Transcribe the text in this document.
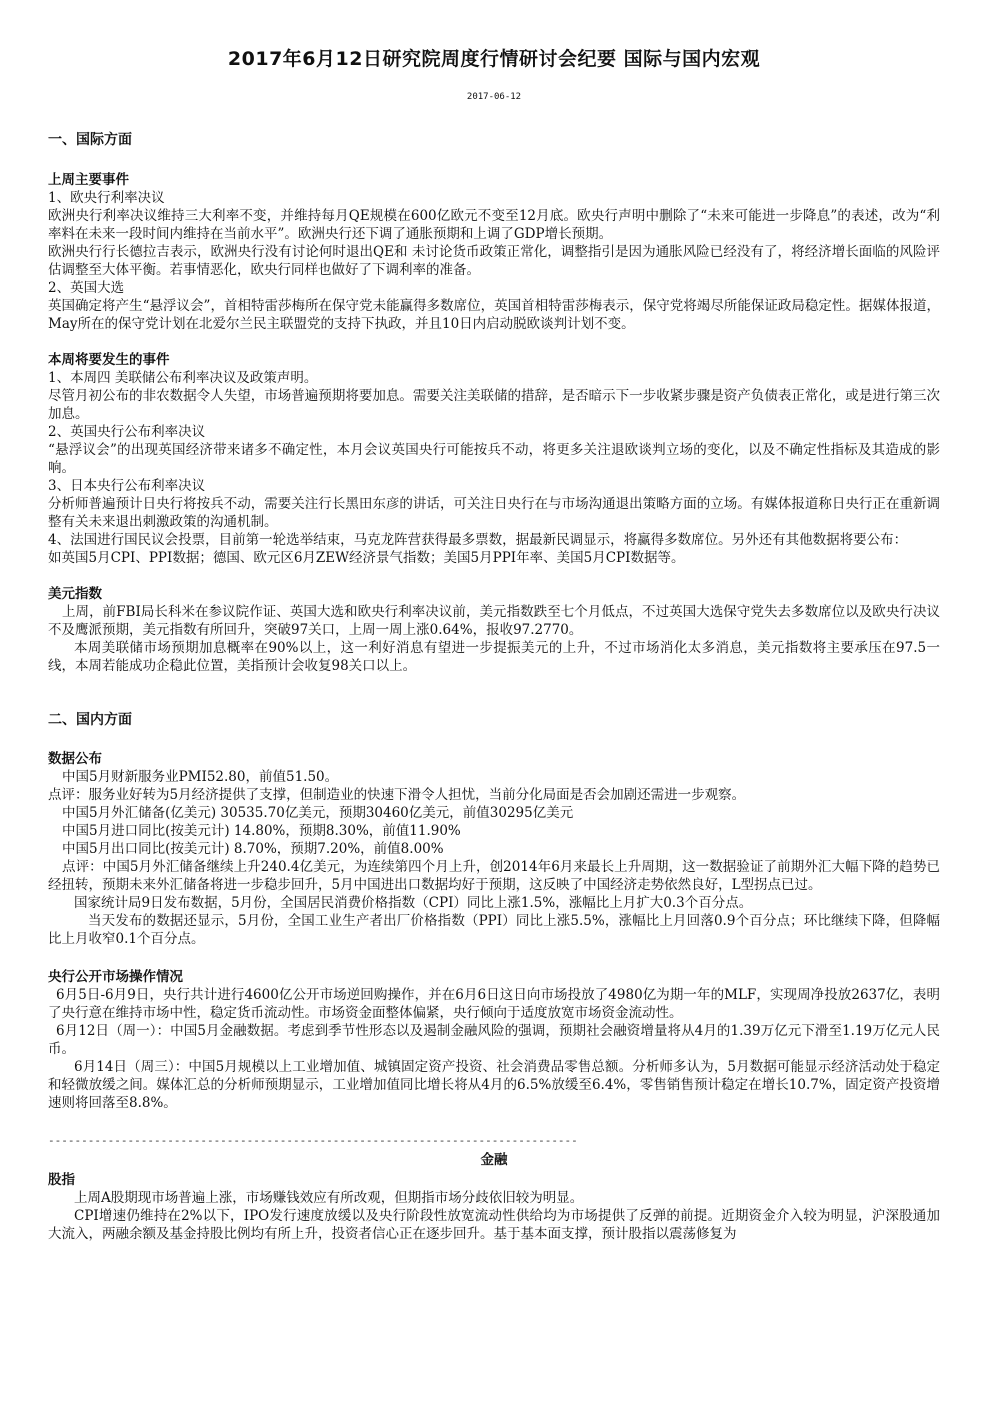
2017年6月12日研究院周度行情研讨会纪要 国际与国内宏观
2017-06-12
一、国际方面
上周主要事件

1、欧央行利率决议

欧洲央行利率决议维持三大利率不变，并维持每月QE规模在600亿欧元不变至12月底。欧央行声明中删除了“未来可能进一步降息”的表述，改为“利率料在未来一段时间内维持在当前水平”。欧洲央行还下调了通胀预期和上调了GDP增长预期。

欧洲央行行长德拉吉表示，欧洲央行没有讨论何时退出QE和 未讨论货币政策正常化，调整指引是因为通胀风险已经没有了，将经济增长面临的风险评估调整至大体平衡。若事情恶化，欧央行同样也做好了下调利率的准备。

2、英国大选

英国确定将产生“悬浮议会”，首相特雷莎梅所在保守党未能赢得多数席位，英国首相特雷莎梅表示，保守党将竭尽所能保证政局稳定性。据媒体报道，May所在的保守党计划在北爱尔兰民主联盟党的支持下执政，并且10日内启动脱欧谈判计划不变。

本周将要发生的事件

1、本周四 美联储公布利率决议及政策声明。

尽管月初公布的非农数据令人失望，市场普遍预期将要加息。需要关注美联储的措辞，是否暗示下一步收紧步骤是资产负债表正常化，或是进行第三次加息。

2、英国央行公布利率决议

“悬浮议会”的出现英国经济带来诸多不确定性，本月会议英国央行可能按兵不动，将更多关注退欧谈判立场的变化，以及不确定性指标及其造成的影响。

3、日本央行公布利率决议

分析师普遍预计日央行将按兵不动，需要关注行长黑田东彦的讲话，可关注日央行在与市场沟通退出策略方面的立场。有媒体报道称日央行正在重新调整有关未来退出刺激政策的沟通机制。

4、法国进行国民议会投票，目前第一轮选举结束，马克龙阵营获得最多票数，据最新民调显示，将赢得多数席位。另外还有其他数据将要公布：

如英国5月CPI、PPI数据；德国、欧元区6月ZEW经济景气指数；美国5月PPI年率、美国5月CPI数据等。

美元指数

上周，前FBI局长科米在参议院作证、英国大选和欧央行利率决议前，美元指数跌至七个月低点，不过英国大选保守党失去多数席位以及欧央行决议不及鹰派预期，美元指数有所回升，突破97关口，上周一周上涨0.64%，报收97.2770。

本周美联储市场预期加息概率在90%以上，这一利好消息有望进一步提振美元的上升，不过市场消化太多消息，美元指数将主要承压在97.5一线，本周若能成功企稳此位置，美指预计会收复98关口以上。

二、国内方面
数据公布

中国5月财新服务业PMI52.80，前值51.50。

点评：服务业好转为5月经济提供了支撑，但制造业的快速下滑令人担忧，当前分化局面是否会加剧还需进一步观察。

中国5月外汇储备(亿美元) 30535.70亿美元，预期30460亿美元，前值30295亿美元

中国5月进口同比(按美元计) 14.80%，预期8.30%，前值11.90%

中国5月出口同比(按美元计) 8.70%，预期7.20%，前值8.00%

点评：中国5月外汇储备继续上升240.4亿美元，为连续第四个月上升，创2014年6月来最长上升周期，这一数据验证了前期外汇大幅下降的趋势已经扭转，预期未来外汇储备将进一步稳步回升，5月中国进出口数据均好于预期，这反映了中国经济走势依然良好，L型拐点已过。

国家统计局9日发布数据，5月份，全国居民消费价格指数（CPI）同比上涨1.5%，涨幅比上月扩大0.3个百分点。

当天发布的数据还显示，5月份，全国工业生产者出厂价格指数（PPI）同比上涨5.5%，涨幅比上月回落0.9个百分点；环比继续下降，但降幅比上月收窄0.1个百分点。

央行公开市场操作情况

6月5日-6月9日，央行共计进行4600亿公开市场逆回购操作，并在6月6日这日向市场投放了4980亿为期一年的MLF，实现周净投放2637亿，表明了央行意在维持市场中性，稳定货币流动性。市场资金面整体偏紧，央行倾向于适度放宽市场资金流动性。

6月12日（周一）：中国5月金融数据。考虑到季节性形态以及遏制金融风险的强调，预期社会融资增量将从4月的1.39万亿元下滑至1.19万亿元人民币。

6月14日（周三）：中国5月规模以上工业增加值、城镇固定资产投资、社会消费品零售总额。分析师多认为，5月数据可能显示经济活动处于稳定和轻微放缓之间。媒体汇总的分析师预期显示，工业增加值同比增长将从4月的6.5%放缓至6.4%，零售销售预计稳定在增长10.7%，固定资产投资增速则将回落至8.8%。

--------------------------------------------------------------------------------
金融
股指

上周A股期现市场普遍上涨，市场赚钱效应有所改观，但期指市场分歧依旧较为明显。

CPI增速仍维持在2%以下，IPO发行速度放缓以及央行阶段性放宽流动性供给均为市场提供了反弹的前提。近期资金介入较为明显，沪深股通加大流入，两融余额及基金持股比例均有所上升，投资者信心正在逐步回升。基于基本面支撑，预计股指以震荡修复为
